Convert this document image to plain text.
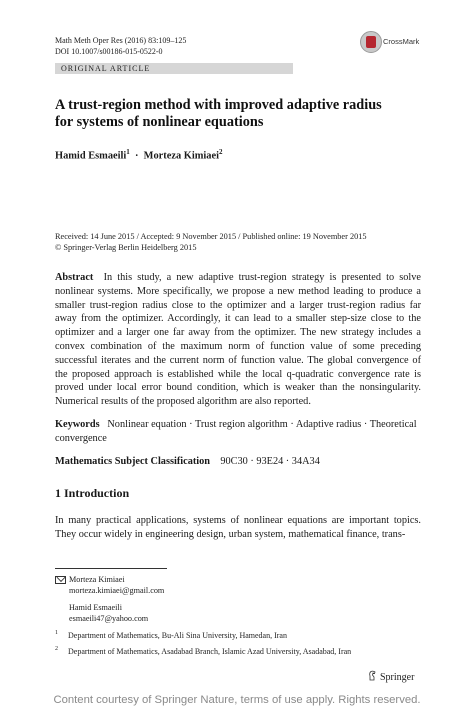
Math Meth Oper Res (2016) 83:109–125
DOI 10.1007/s00186-015-0522-0
CrossMark
ORIGINAL ARTICLE
A trust-region method with improved adaptive radius
for systems of nonlinear equations
Hamid Esmaeili$^1$ · Morteza Kimiaei$^2$
Received: 14 June 2015 / Accepted: 9 November 2015 / Published online: 19 November 2015
© Springer-Verlag Berlin Heidelberg 2015
Abstract In this study, a new adaptive trust-region strategy is presented to solve nonlinear systems. More specifically, we propose a new method leading to produce a smaller trust-region radius close to the optimizer and a larger trust-region radius far away from the optimizer. Accordingly, it can lead to a smaller step-size close to the optimizer and a larger one far away from the optimizer. The new strategy includes a convex combination of the maximum norm of function value of some preceding successful iterates and the current norm of function value. The global convergence of the proposed approach is established while the local q-quadratic convergence rate is proved under local error bound condition, which is weaker than the nonsingularity. Numerical results of the proposed algorithm are also reported.
Keywords Nonlinear equation · Trust region algorithm · Adaptive radius · Theoretical convergence
Mathematics Subject Classification 90C30 · 93E24 · 34A34
1 Introduction
In many practical applications, systems of nonlinear equations are important topics. They occur widely in engineering design, urban system, mathematical finance, trans-
Morteza Kimiaei
morteza.kimiaei@gmail.com
Hamid Esmaeili
esmaeili47@yahoo.com
1 Department of Mathematics, Bu-Ali Sina University, Hamedan, Iran
2 Department of Mathematics, Asadabad Branch, Islamic Azad University, Asadabad, Iran
Springer
Content courtesy of Springer Nature, terms of use apply. Rights reserved.
